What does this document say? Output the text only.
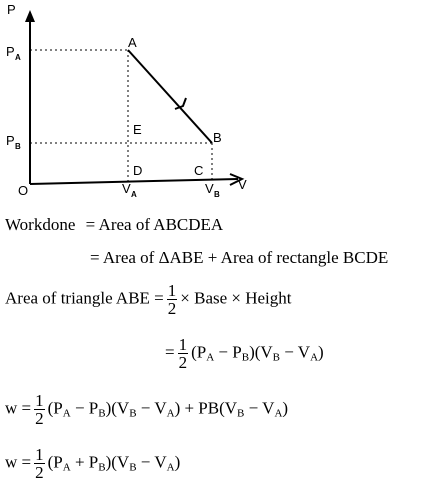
A
B
E
D	C
O
P
V
P A
P B
V A	V B
Workdone = Area of ABCDEA
= Area of ΔABE + Area of rectangle BCDE
Area of triangle ABE = $\frac{1}{2}$ × Base × Height
= $\frac{1}{2} (PA - PB)(VB - VA)$
$w = \frac{1}{2} (PA - PB)(VB - VA) + PB(VB - VA)$
$w = \frac{1}{2} (PA + PB)(VB - VA)$
